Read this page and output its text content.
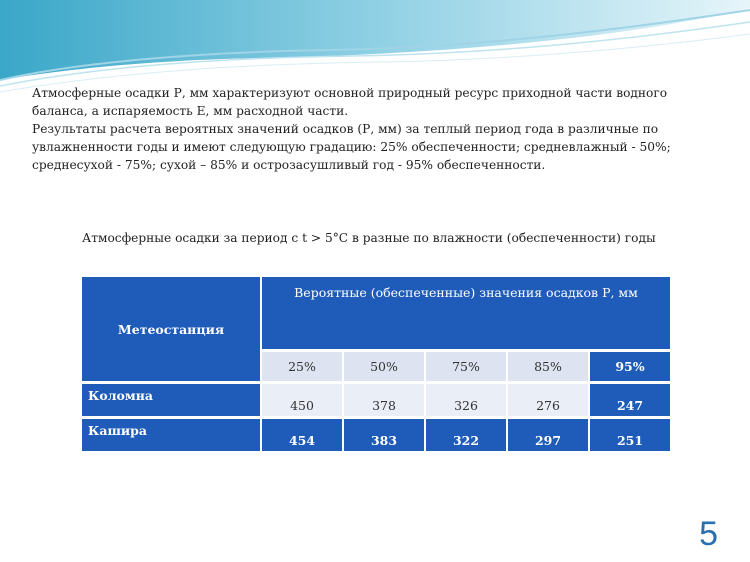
Атмосферные осадки Р, мм характеризуют основной природный ресурс приходной части водного баланса, а испаряемость Е, мм расходной части.

Результаты расчета вероятных значений осадков (Р, мм) за теплый период года в различные по увлажненности годы и имеют следующую градацию: 25% обеспеченности; средневлажный - 50%; среднесухой - 75%; сухой – 85% и острозасушливый год - 95% обеспеченности.

Атмосферные осадки за период с t > 5°С в разные по влажности (обеспеченности) годы
Метеостанция	Вероятные (обеспеченные) значения осадков Р, мм				
	25%	50%	75%	85%	95%
Коломна	450	378	326	276	247
Кашира	454	383	322	297	251
5
